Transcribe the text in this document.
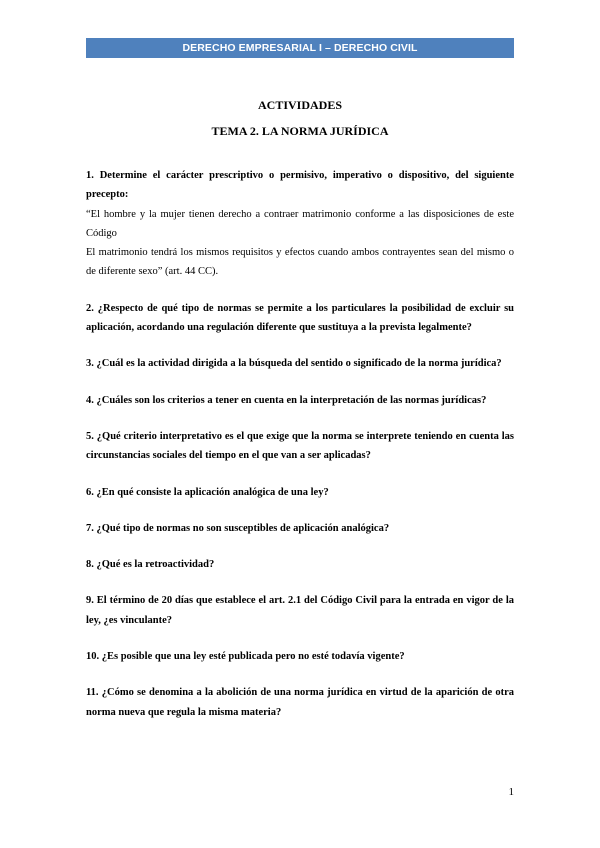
DERECHO EMPRESARIAL I – DERECHO CIVIL
ACTIVIDADES
TEMA 2. LA NORMA JURÍDICA

1. Determine el carácter prescriptivo o permisivo, imperativo o dispositivo, del siguiente precepto:

“El hombre y la mujer tienen derecho a contraer matrimonio conforme a las disposiciones de este Código

El matrimonio tendrá los mismos requisitos y efectos cuando ambos contrayentes sean del mismo o de diferente sexo” (art. 44 CC).

2. ¿Respecto de qué tipo de normas se permite a los particulares la posibilidad de excluir su aplicación, acordando una regulación diferente que sustituya a la prevista legalmente?

3. ¿Cuál es la actividad dirigida a la búsqueda del sentido o significado de la norma jurídica?

4. ¿Cuáles son los criterios a tener en cuenta en la interpretación de las normas jurídicas?

5. ¿Qué criterio interpretativo es el que exige que la norma se interprete teniendo en cuenta las circunstancias sociales del tiempo en el que van a ser aplicadas?

6. ¿En qué consiste la aplicación analógica de una ley?

7. ¿Qué tipo de normas no son susceptibles de aplicación analógica?

8. ¿Qué es la retroactividad?

9. El término de 20 días que establece el art. 2.1 del Código Civil para la entrada en vigor de la ley, ¿es vinculante?

10. ¿Es posible que una ley esté publicada pero no esté todavía vigente?

11. ¿Cómo se denomina a la abolición de una norma jurídica en virtud de la aparición de otra norma nueva que regula la misma materia?

1
